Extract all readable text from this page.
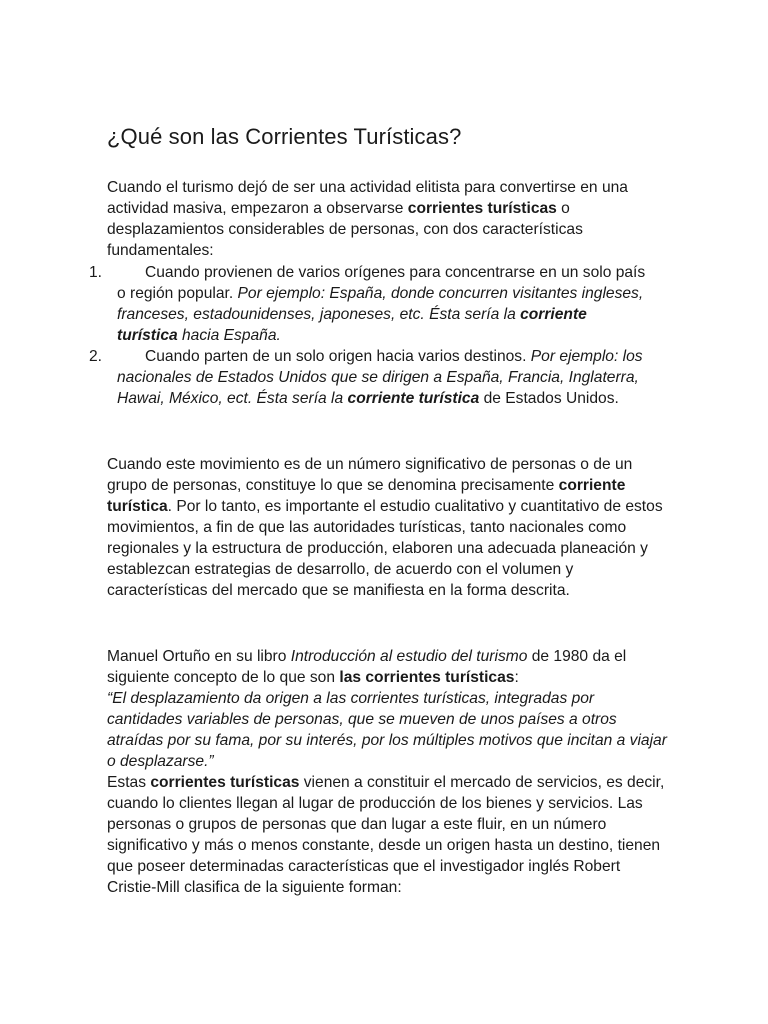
¿Qué son las Corrientes Turísticas?

Cuando el turismo dejó de ser una actividad elitista para convertirse en una actividad masiva, empezaron a observarse corrientes turísticas o desplazamientos considerables de personas, con dos características fundamentales:

1.	Cuando provienen de varios orígenes para concentrarse en un solo país o región popular. Por ejemplo: España, donde concurren visitantes ingleses, franceses, estadounidenses, japoneses, etc. Ésta sería la corriente turística hacia España.
2.	Cuando parten de un solo origen hacia varios destinos. Por ejemplo: los nacionales de Estados Unidos que se dirigen a España, Francia, Inglaterra, Hawai, México, ect. Ésta sería la corriente turística de Estados Unidos.

Cuando este movimiento es de un número significativo de personas o de un grupo de personas, constituye lo que se denomina precisamente corriente turística. Por lo tanto, es importante el estudio cualitativo y cuantitativo de estos movimientos, a fin de que las autoridades turísticas, tanto nacionales como regionales y la estructura de producción, elaboren una adecuada planeación y establezcan estrategias de desarrollo, de acuerdo con el volumen y características del mercado que se manifiesta en la forma descrita.

Manuel Ortuño en su libro Introducción al estudio del turismo de 1980 da el siguiente concepto de lo que son las corrientes turísticas:
“El desplazamiento da origen a las corrientes turísticas, integradas por cantidades variables de personas, que se mueven de unos países a otros atraídas por su fama, por su interés, por los múltiples motivos que incitan a viajar o desplazarse.”

Estas corrientes turísticas vienen a constituir el mercado de servicios, es decir, cuando lo clientes llegan al lugar de producción de los bienes y servicios. Las personas o grupos de personas que dan lugar a este fluir, en un número significativo y más o menos constante, desde un origen hasta un destino, tienen que poseer determinadas características que el investigador inglés Robert Cristie-Mill clasifica de la siguiente forman:
